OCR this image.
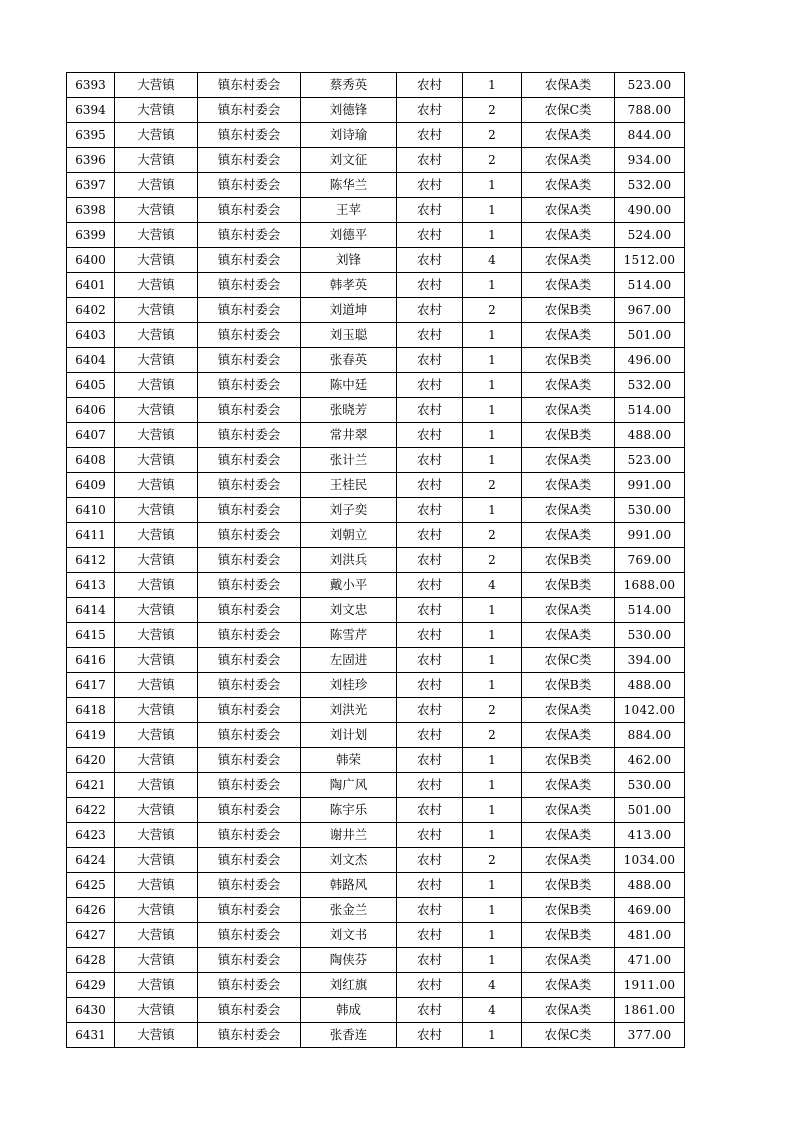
6393	大营镇	镇东村委会	蔡秀英	农村	1	农保A类	523.00
6394	大营镇	镇东村委会	刘德锋	农村	2	农保C类	788.00
6395	大营镇	镇东村委会	刘诗瑜	农村	2	农保A类	844.00
6396	大营镇	镇东村委会	刘文征	农村	2	农保A类	934.00
6397	大营镇	镇东村委会	陈华兰	农村	1	农保A类	532.00
6398	大营镇	镇东村委会	王苹	农村	1	农保A类	490.00
6399	大营镇	镇东村委会	刘德平	农村	1	农保A类	524.00
6400	大营镇	镇东村委会	刘锋	农村	4	农保A类	1512.00
6401	大营镇	镇东村委会	韩孝英	农村	1	农保A类	514.00
6402	大营镇	镇东村委会	刘道坤	农村	2	农保B类	967.00
6403	大营镇	镇东村委会	刘玉聪	农村	1	农保A类	501.00
6404	大营镇	镇东村委会	张春英	农村	1	农保B类	496.00
6405	大营镇	镇东村委会	陈中廷	农村	1	农保A类	532.00
6406	大营镇	镇东村委会	张晓芳	农村	1	农保A类	514.00
6407	大营镇	镇东村委会	常井翠	农村	1	农保B类	488.00
6408	大营镇	镇东村委会	张计兰	农村	1	农保A类	523.00
6409	大营镇	镇东村委会	王桂民	农村	2	农保A类	991.00
6410	大营镇	镇东村委会	刘子奕	农村	1	农保A类	530.00
6411	大营镇	镇东村委会	刘朝立	农村	2	农保A类	991.00
6412	大营镇	镇东村委会	刘洪兵	农村	2	农保B类	769.00
6413	大营镇	镇东村委会	戴小平	农村	4	农保B类	1688.00
6414	大营镇	镇东村委会	刘文忠	农村	1	农保A类	514.00
6415	大营镇	镇东村委会	陈雪芹	农村	1	农保A类	530.00
6416	大营镇	镇东村委会	左固进	农村	1	农保C类	394.00
6417	大营镇	镇东村委会	刘桂珍	农村	1	农保B类	488.00
6418	大营镇	镇东村委会	刘洪光	农村	2	农保A类	1042.00
6419	大营镇	镇东村委会	刘计划	农村	2	农保A类	884.00
6420	大营镇	镇东村委会	韩荣	农村	1	农保B类	462.00
6421	大营镇	镇东村委会	陶广风	农村	1	农保A类	530.00
6422	大营镇	镇东村委会	陈宇乐	农村	1	农保A类	501.00
6423	大营镇	镇东村委会	谢井兰	农村	1	农保A类	413.00
6424	大营镇	镇东村委会	刘文杰	农村	2	农保A类	1034.00
6425	大营镇	镇东村委会	韩路风	农村	1	农保B类	488.00
6426	大营镇	镇东村委会	张金兰	农村	1	农保B类	469.00
6427	大营镇	镇东村委会	刘文书	农村	1	农保B类	481.00
6428	大营镇	镇东村委会	陶侠芬	农村	1	农保A类	471.00
6429	大营镇	镇东村委会	刘红旗	农村	4	农保A类	1911.00
6430	大营镇	镇东村委会	韩成	农村	4	农保A类	1861.00
6431	大营镇	镇东村委会	张香连	农村	1	农保C类	377.00
